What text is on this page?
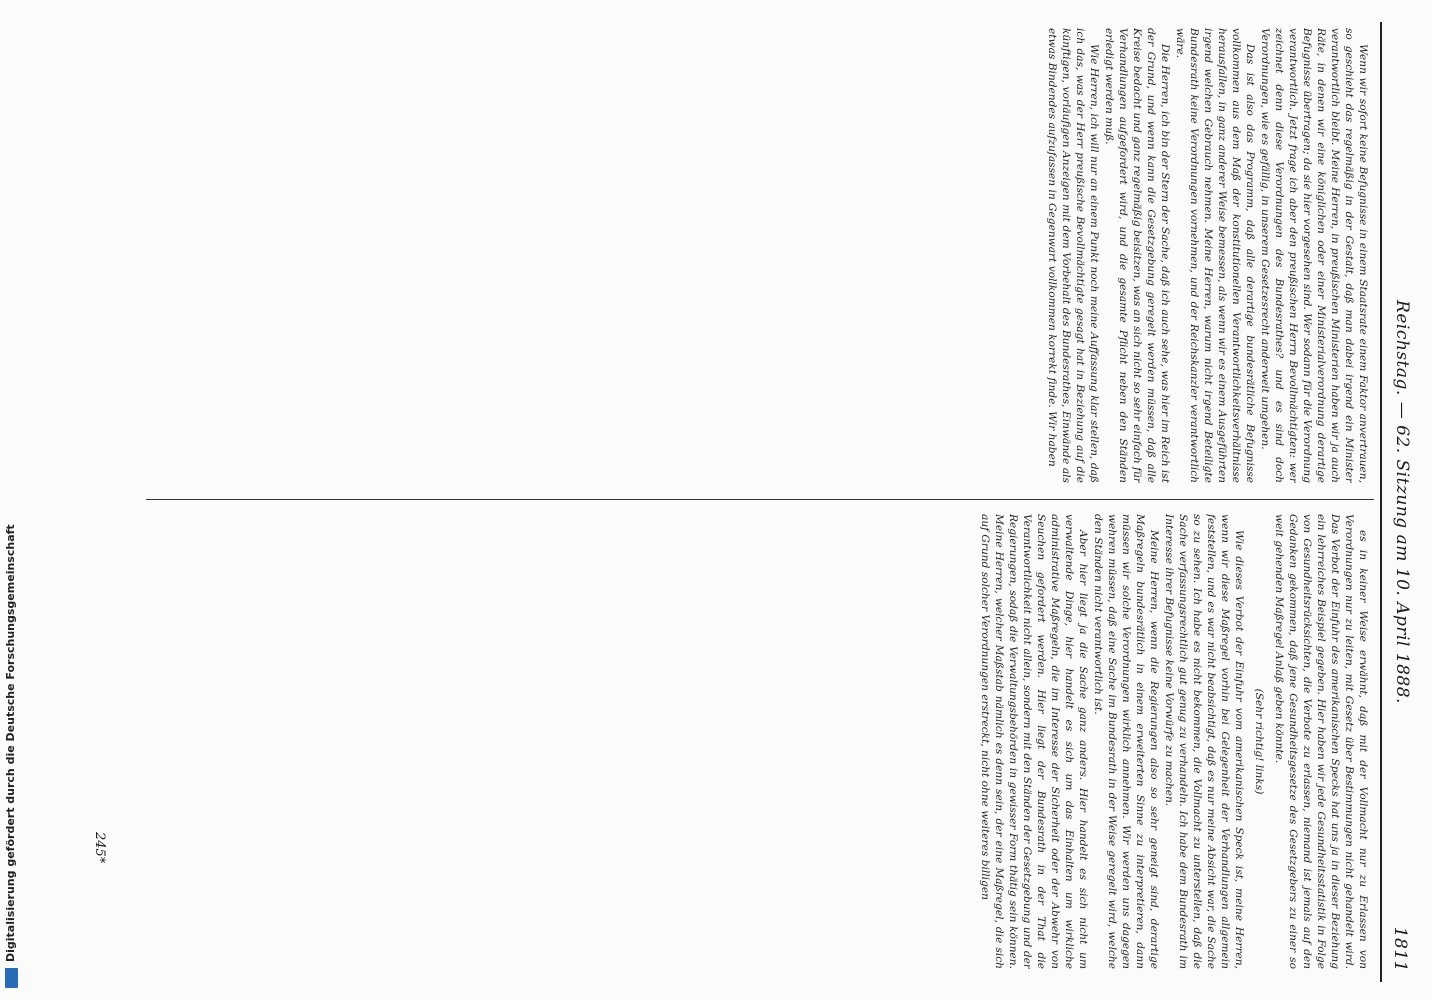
Digitalisierung gefördert durch die Deutsche Forschungsgemeinschaft
Reichstag. — 62. Sitzung am 10. April 1888.
1811

Wenn wir sofort keine Befugnisse in einem Staatsrate einem Faktor anvertrauen, so geschieht das regelmäßig in der Gestalt, daß man dabei irgend ein Minister verantwortlich bleibt. Meine Herren, in preußischen Ministerien haben wir ja auch Räte, in denen wir eine königlichen oder einer Ministerialverordnung derartige Befugnisse übertragen; da sie hier vorgesehen sind. Wer sodann für die Verordnung verantwortlich. Jetzt frage ich aber den preußischen Herrn Bevollmächtigten: wer zeichnet denn diese Verordnungen des Bundesrathes? und es sind doch Verordnungen, wie es gefällig, in unserem Gesetzesrecht anderweit umgehen.

Das ist also das Programm, daß alle derartige bundesrätliche Befugnisse vollkommen aus dem Maß der konstitutionellen Verantwortlichkeitsverhältnisse herausfallen, in ganz anderer Weise bemessen, als wenn wir es einem Ausgeführten irgend welchen Gebrauch nehmen. Meine Herren, warum nicht irgend Beteiligte Bundesrath keine Verordnungen vornehmen, und der Reichskanzler verantwortlich wäre.

Die Herren, ich bin der Stern der Sache, daß ich auch sehe, was hier im Reich ist der Grund, und wenn kann die Gesetzgebung geregelt werden müssen, daß alle Kreise bedacht und ganz regelmäßig beisitzen, was an sich nicht so sehr einfach für Verhandlungen aufgefordert wird, und die gesamte Pflicht neben den Ständen erledigt werden muß.

Wie Herren, ich will nur an einem Punkt noch meine Auffassung klar stellen, daß ich das, was der Herr preußische Bevollmächtigte gesagt hat in Beziehung auf die künftigen, vorläufigen Anzeigen mit dem Vorbehalt des Bundesrathes, Einwände als etwas Bindendes aufzufassen in Gegenwart vollkommen korrekt finde. Wir haben

es in keiner Weise erwähnt, daß mit der Vollmacht nur zu Erlassen von Verordnungen nur zu leiten, mit Gesetz über Bestimmungen nicht gehandelt wird. Das Verbot der Einfuhr des amerikanischen Specks hat uns ja in dieser Beziehung ein lehrreiches Beispiel gegeben. Hier haben wir jede Gesundheitsstatistik in Folge von Gesundheitsrücksichten, die Verbote zu erlassen, niemand ist jemals auf den Gedanken gekommen, daß jene Gesundheitsgesetze des Gesetzgebers zu einer so weit gehenden Maßregel Anlaß geben könnte.

(Sehr richtig! links)

Wie dieses Verbot der Einfuhr vom amerikanischen Speck ist, meine Herren, wenn wir diese Maßregel vorhin bei Gelegenheit der Verhandlungen allgemein feststellen, und es war nicht beabsichtigt, daß es nur meine Absicht war, die Sache so zu sehen. Ich habe es nicht bekommen, die Vollmacht zu unterstellen, daß die Sache verfassungsrechtlich gut genug zu verhandeln. Ich habe dem Bundesrath im Interesse ihrer Befugnisse keine Vorwürfe zu machen.

Meine Herren, wenn die Regierungen also so sehr geneigt sind, derartige Maßregeln bundesrätlich in einem erweiterten Sinne zu interpretieren, dann müssen wir solche Verordnungen wirklich annehmen. Wir werden uns dagegen wehren müssen, daß eine Sache im Bundesrath in der Weise geregelt wird, welche den Ständen nicht verantwortlich ist.

Aber hier liegt ja die Sache ganz anders. Hier handelt es sich nicht um verwaltende Dinge, hier handelt es sich um das Einhalten um wirkliche administrative Maßregeln, die im Interesse der Sicherheit oder der Abwehr von Seuchen gefordert werden. Hier liegt der Bundesrath in der That die Verantwortlichkeit nicht allein, sondern mit den Ständen der Gesetzgebung und der Regierungen, sodaß die Verwaltungsbehörden in gewisser Form thätig sein können. Meine Herren, welcher Maßstab nämlich es denn sein, der eine Maßregel, die sich auf Grund solcher Verordnungen erstreckt, nicht ohne weiteres billigen

245*
